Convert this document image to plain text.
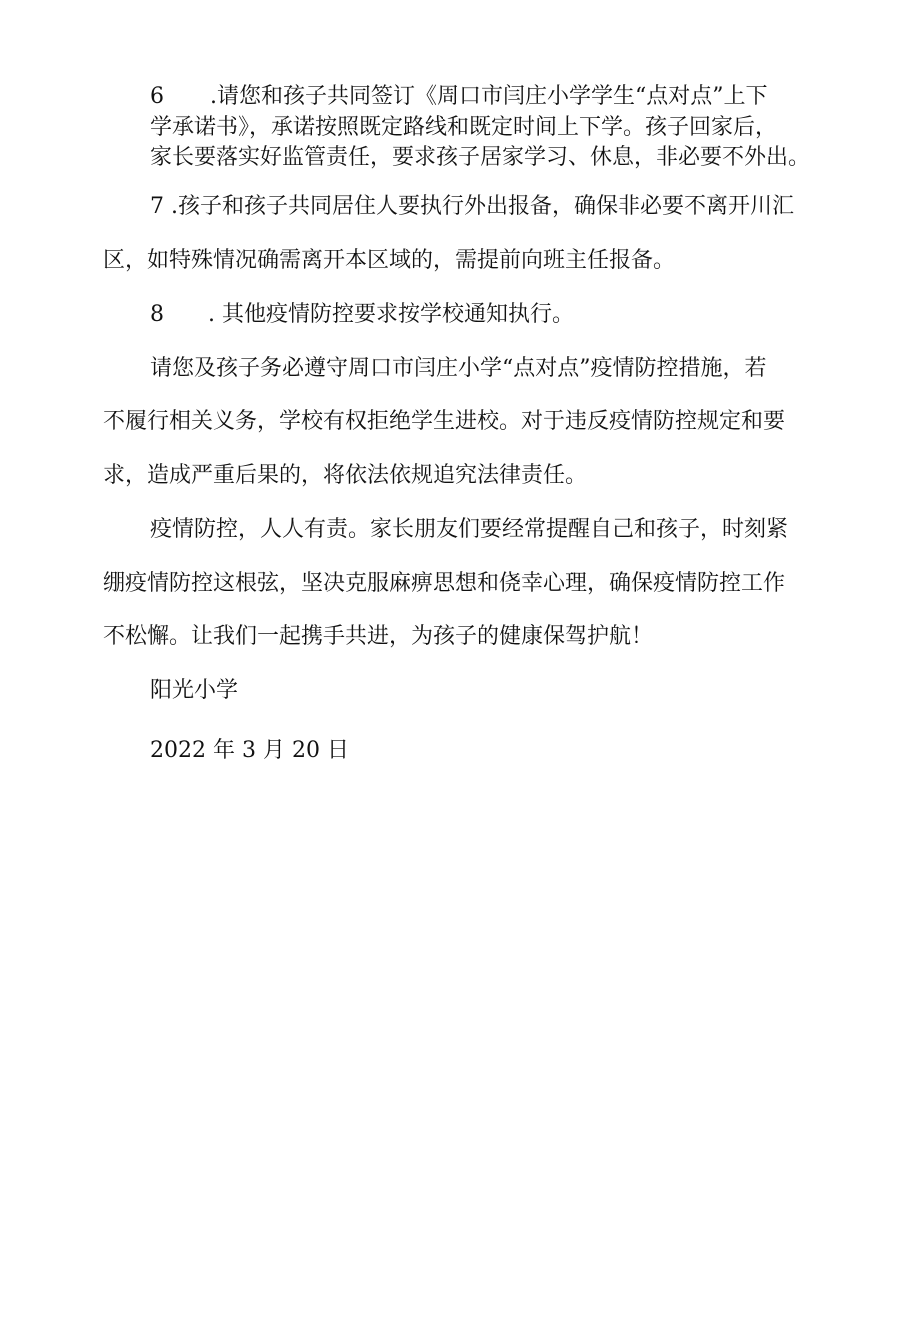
6 .请您和孩子共同签订《周口市闫庄小学学生“点对点”上下
学承诺书》，承诺按照既定路线和既定时间上下学。孩子回家后，
家长要落实好监管责任，要求孩子居家学习、休息，非必要不外出。
7 .孩子和孩子共同居住人要执行外出报备，确保非必要不离开川汇
区，如特殊情况确需离开本区域的，需提前向班主任报备。
8 . 其他疫情防控要求按学校通知执行。
请您及孩子务必遵守周口市闫庄小学“点对点”疫情防控措施，若
不履行相关义务，学校有权拒绝学生进校。对于违反疫情防控规定和要
求，造成严重后果的，将依法依规追究法律责任。
疫情防控，人人有责。家长朋友们要经常提醒自己和孩子，时刻紧
绷疫情防控这根弦，坚决克服麻痹思想和侥幸心理，确保疫情防控工作
不松懈。让我们一起携手共进，为孩子的健康保驾护航！
阳光小学
2022 年 3 月 20 日
